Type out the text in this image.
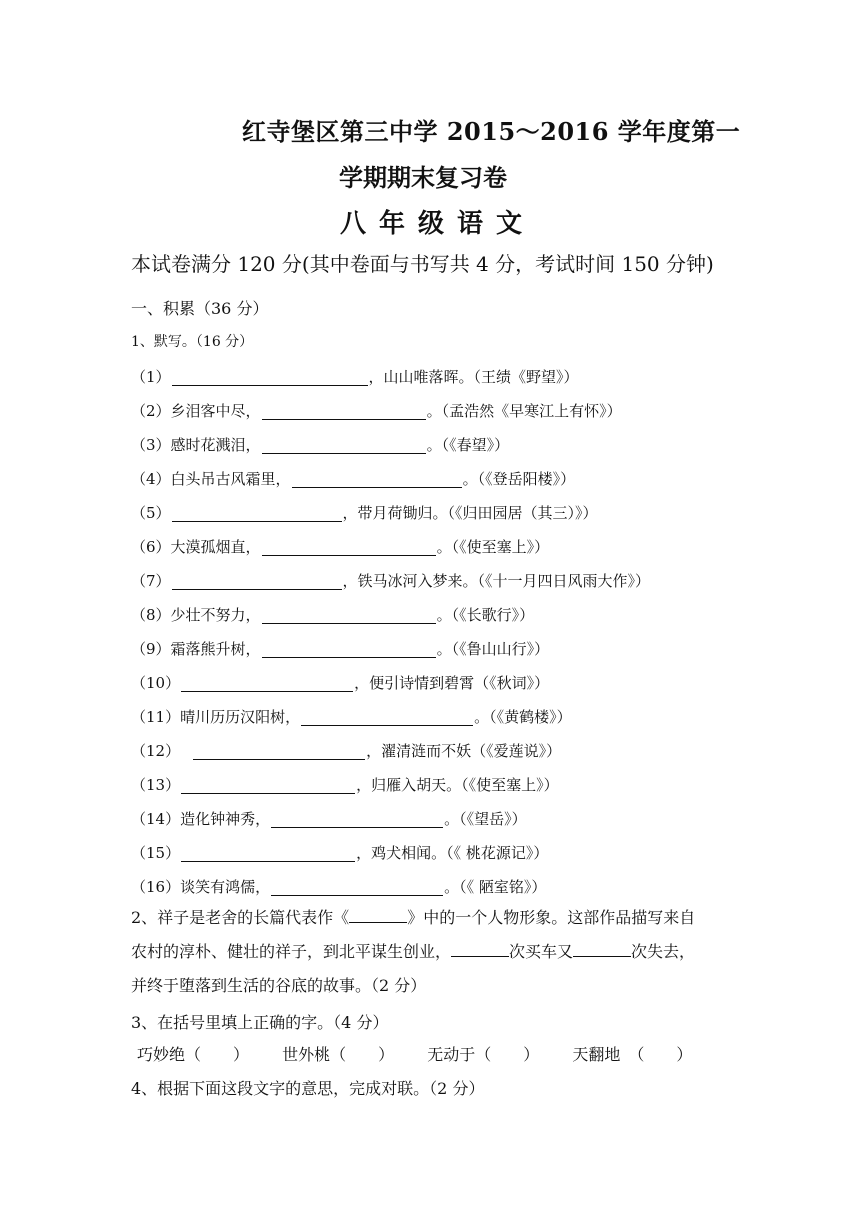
红寺堡区第三中学 2015～2016 学年度第一
学期期末复习卷
八年级语文
本试卷满分 120 分(其中卷面与书写共 4 分，考试时间 150 分钟)
一、积累（36 分）
1、默写。（16 分）
（1）	，山山唯落晖。（王绩《野望》）
（2） 乡泪客中尽，	。（孟浩然《早寒江上有怀》）
（3） 感时花溅泪，	。（《春望》）
（4） 白头吊古风霜里，	。（《登岳阳楼》）
（5）	，带月荷锄归。（《归田园居（其三）》）
（6） 大漠孤烟直，	。（《使至塞上》）
（7）	，铁马冰河入梦来。（《十一月四日风雨大作》）
（8） 少壮不努力，	。（《长歌行》）
（9） 霜落熊升树，	。（《鲁山山行》）
（10）	，便引诗情到碧霄（《秋词》）
（11） 晴川历历汉阳树，	。（《黄鹤楼》）
（12）	，濯清涟而不妖（《爱莲说》）
（13）	，归雁入胡天。（《使至塞上》）
（14） 造化钟神秀，	。（《望岳》）
（15）	，鸡犬相闻。（《 桃花源记》）
（16） 谈笑有鸿儒，	。（《 陋室铭》）
2、祥子是老舍的长篇代表作《	》中的一个人物形象。这部作品描写来自
农村的淳朴、健壮的祥子，到北平谋生创业，	次买车又	次失去，
并终于堕落到生活的谷底的故事。（2 分）
3、在括号里填上正确的字。（4 分）
巧妙绝（　　） 世外桃（　　） 无动于（　　） 天翻地　（　　）
4、根据下面这段文字的意思，完成对联。（2 分）
